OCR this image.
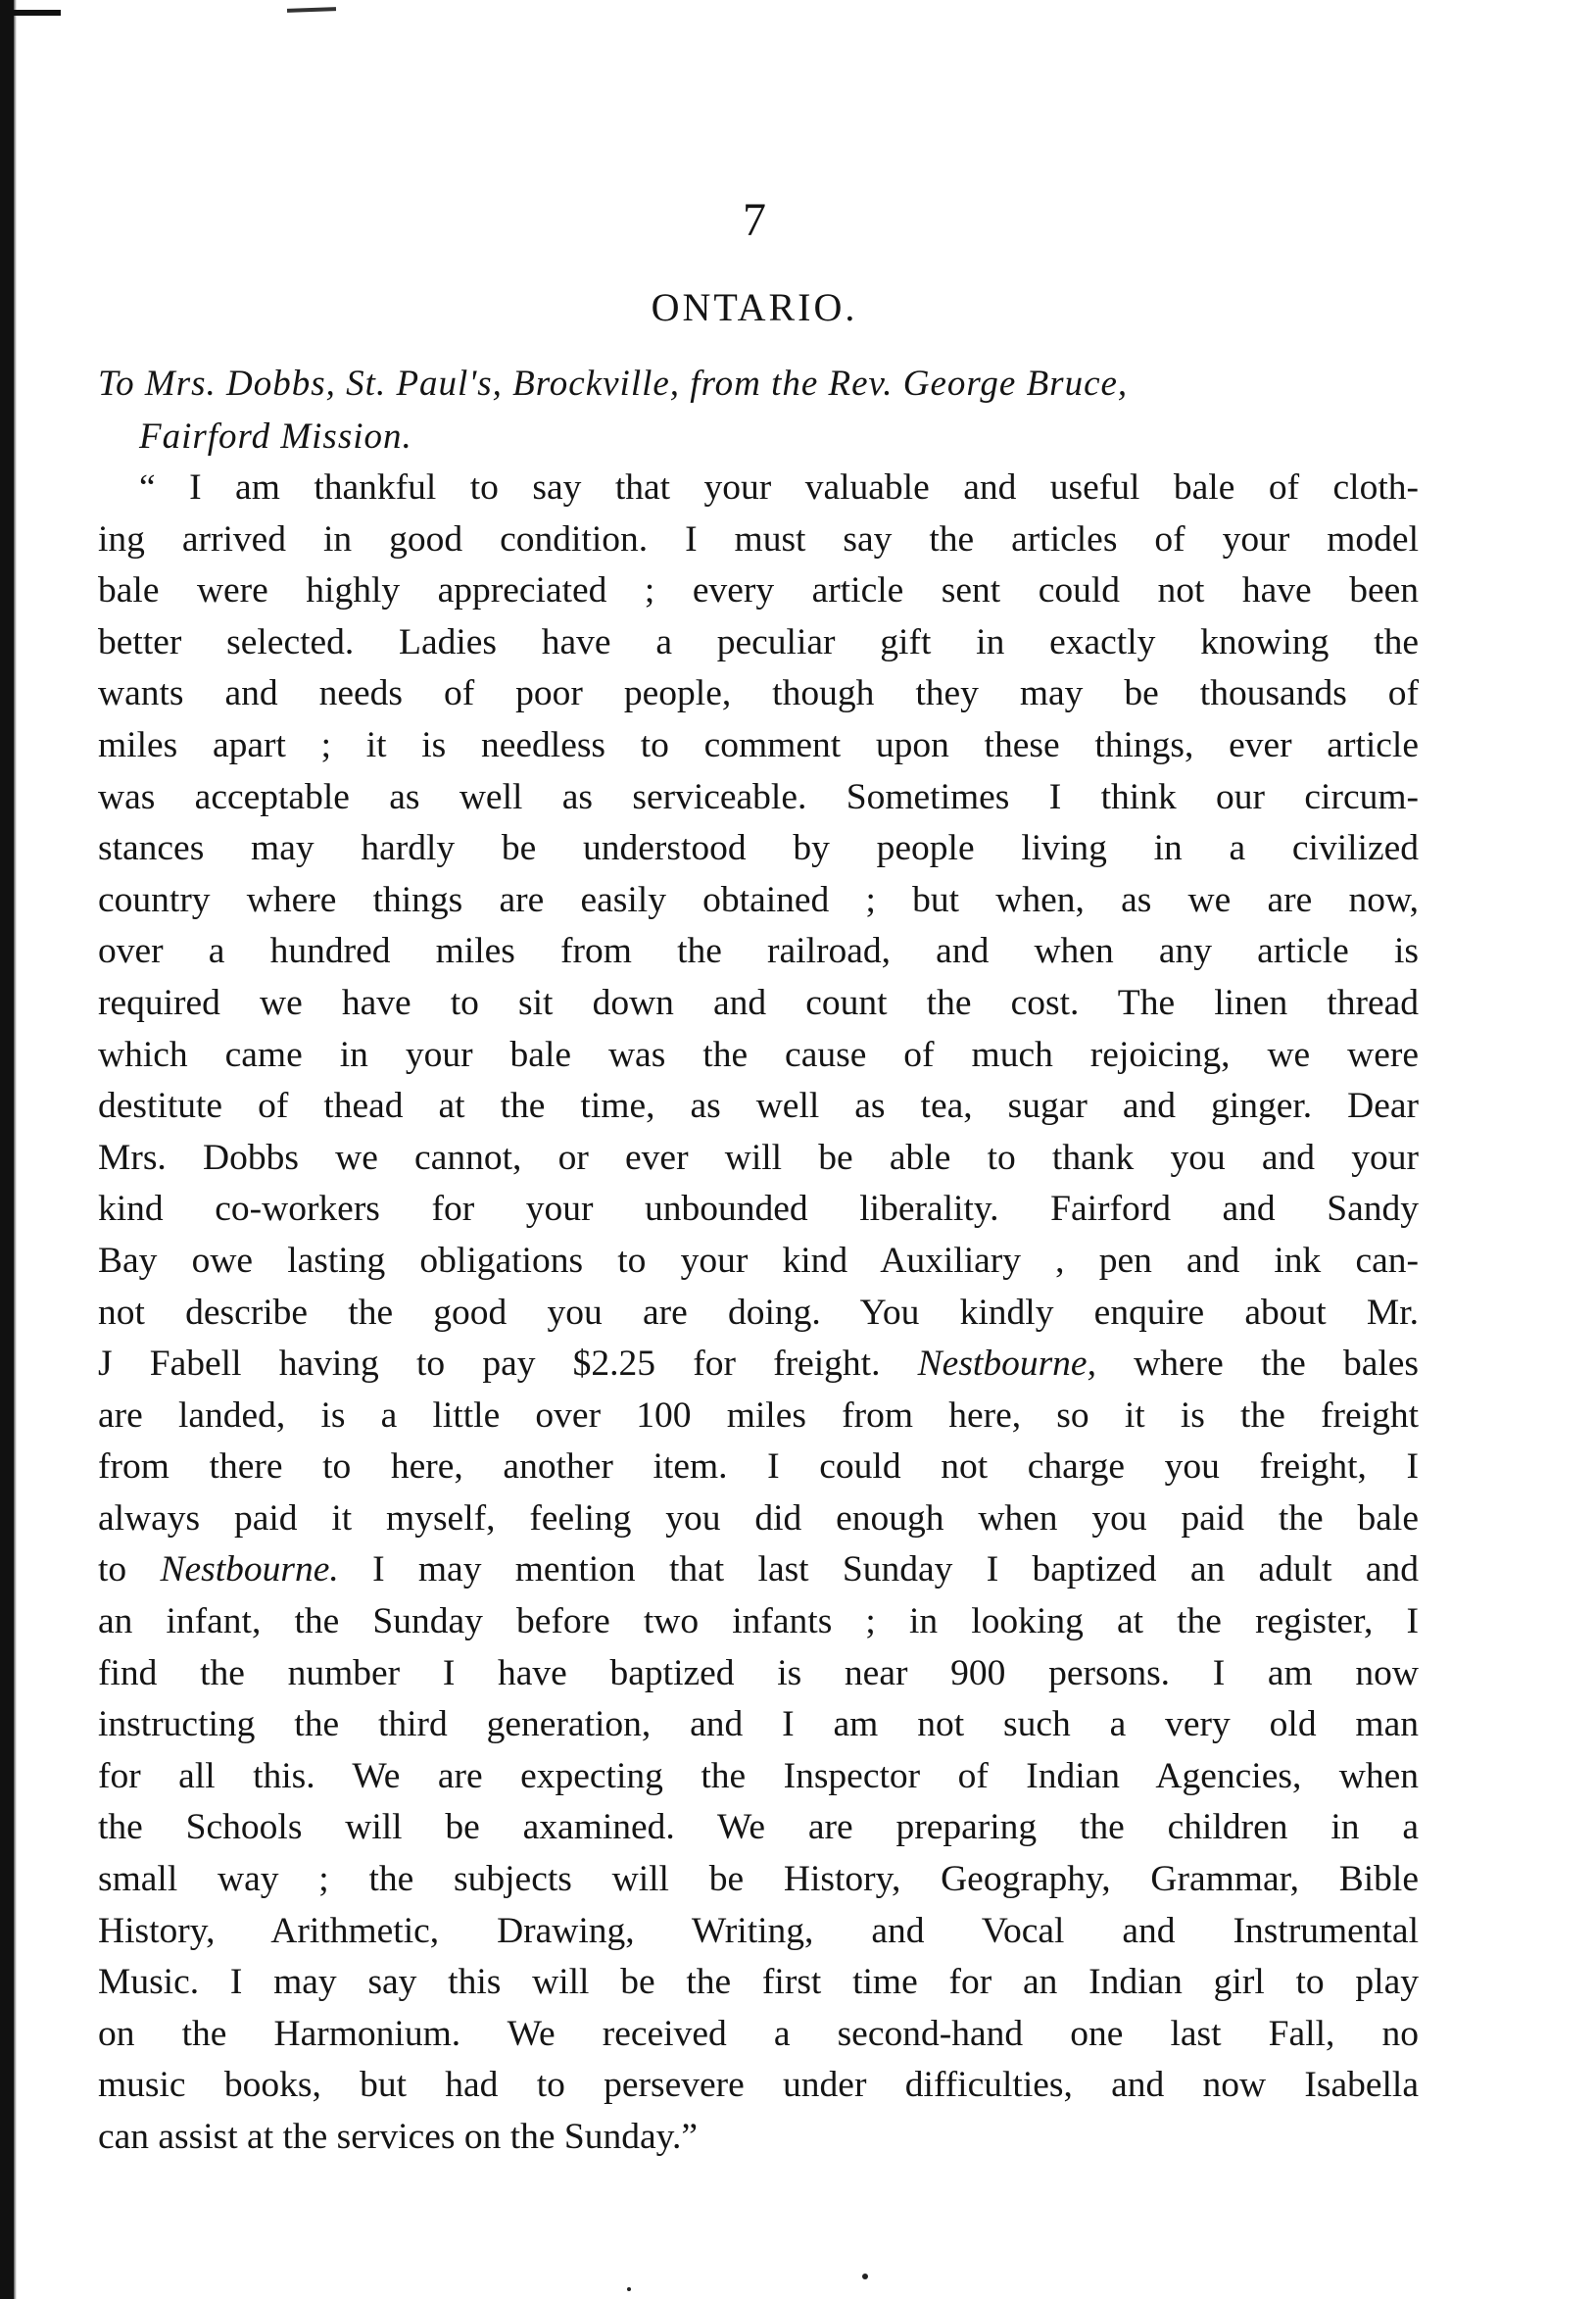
7
ONTARIO.
To Mrs. Dobbs, St. Paul's, Brockville, from the Rev. George Bruce,
Fairford Mission.
“ I am thankful to say that your valuable and useful bale of cloth-
ing arrived in good condition. I must say the articles of your model
bale were highly appreciated ; every article sent could not have been
better selected. Ladies have a peculiar gift in exactly knowing the
wants and needs of poor people, though they may be thousands of
miles apart ; it is needless to comment upon these things, ever article
was acceptable as well as serviceable. Sometimes I think our circum-
stances may hardly be understood by people living in a civilized
country where things are easily obtained ; but when, as we are now,
over a hundred miles from the railroad, and when any article is
required we have to sit down and count the cost. The linen thread
which came in your bale was the cause of much rejoicing, we were
destitute of thead at the time, as well as tea, sugar and ginger. Dear
Mrs. Dobbs we cannot, or ever will be able to thank you and your
kind co-workers for your unbounded liberality. Fairford and Sandy
Bay owe lasting obligations to your kind Auxiliary , pen and ink can-
not describe the good you are doing. You kindly enquire about Mr.
J Fabell having to pay $2.25 for freight. Nestbourne, where the bales
are landed, is a little over 100 miles from here, so it is the freight
from there to here, another item. I could not charge you freight, I
always paid it myself, feeling you did enough when you paid the bale
to Nestbourne. I may mention that last Sunday I baptized an adult and
an infant, the Sunday before two infants ; in looking at the register, I
find the number I have baptized is near 900 persons. I am now
instructing the third generation, and I am not such a very old man
for all this. We are expecting the Inspector of Indian Agencies, when
the Schools will be axamined. We are preparing the children in a
small way ; the subjects will be History, Geography, Grammar, Bible
History, Arithmetic, Drawing, Writing, and Vocal and Instrumental
Music. I may say this will be the first time for an Indian girl to play
on the Harmonium. We received a second-hand one last Fall, no
music books, but had to persevere under difficulties, and now Isabella
can assist at the services on the Sunday.”
